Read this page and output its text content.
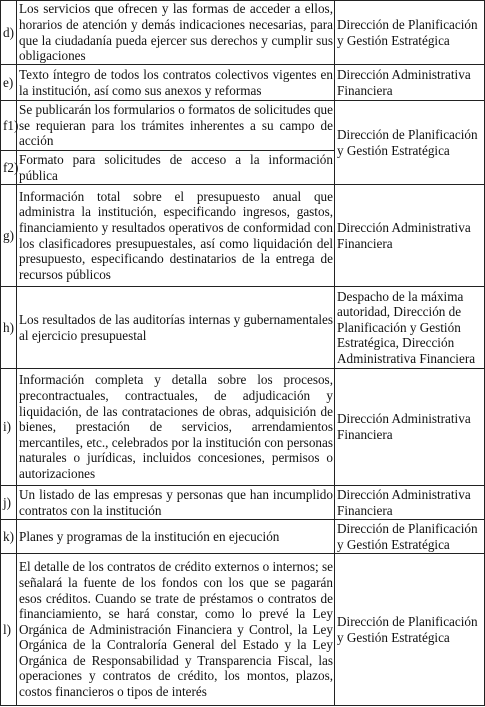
d)	Los servicios que ofrecen y las formas de acceder a ellos, horarios de atención y demás indicaciones necesarias, para que la ciudadanía pueda ejercer sus derechos y cumplir sus obligaciones	Dirección de Planificación y Gestión Estratégica
e)	Texto íntegro de todos los contratos colectivos vigentes en la institución, así como sus anexos y reformas	Dirección Administrativa Financiera
f1)	Se publicarán los formularios o formatos de solicitudes que se requieran para los trámites inherentes a su campo de acción	Dirección de Planificación y Gestión Estratégica
f2)	Formato para solicitudes de acceso a la información pública	
g)	Información total sobre el presupuesto anual que administra la institución, especificando ingresos, gastos, financiamiento y resultados operativos de conformidad con los clasificadores presupuestales, así como liquidación del presupuesto, especificando destinatarios de la entrega de recursos públicos	Dirección Administrativa Financiera
h)	Los resultados de las auditorías internas y gubernamentales al ejercicio presupuestal	Despacho de la máxima autoridad, Dirección de Planificación y Gestión Estratégica, Dirección Administrativa Financiera
i)	Información completa y detalla sobre los procesos, precontractuales, contractuales, de adjudicación y liquidación, de las contrataciones de obras, adquisición de bienes, prestación de servicios, arrendamientos mercantiles, etc., celebrados por la institución con personas naturales o jurídicas, incluidos concesiones, permisos o autorizaciones	Dirección Administrativa Financiera
j)	Un listado de las empresas y personas que han incumplido contratos con la institución	Dirección Administrativa Financiera
k)	Planes y programas de la institución en ejecución	Dirección de Planificación y Gestión Estratégica
l)	El detalle de los contratos de crédito externos o internos; se señalará la fuente de los fondos con los que se pagarán esos créditos. Cuando se trate de préstamos o contratos de financiamiento, se hará constar, como lo prevé la Ley Orgánica de Administración Financiera y Control, la Ley Orgánica de la Contraloría General del Estado y la Ley Orgánica de Responsabilidad y Transparencia Fiscal, las operaciones y contratos de crédito, los montos, plazos, costos financieros o tipos de interés	Dirección de Planificación y Gestión Estratégica
